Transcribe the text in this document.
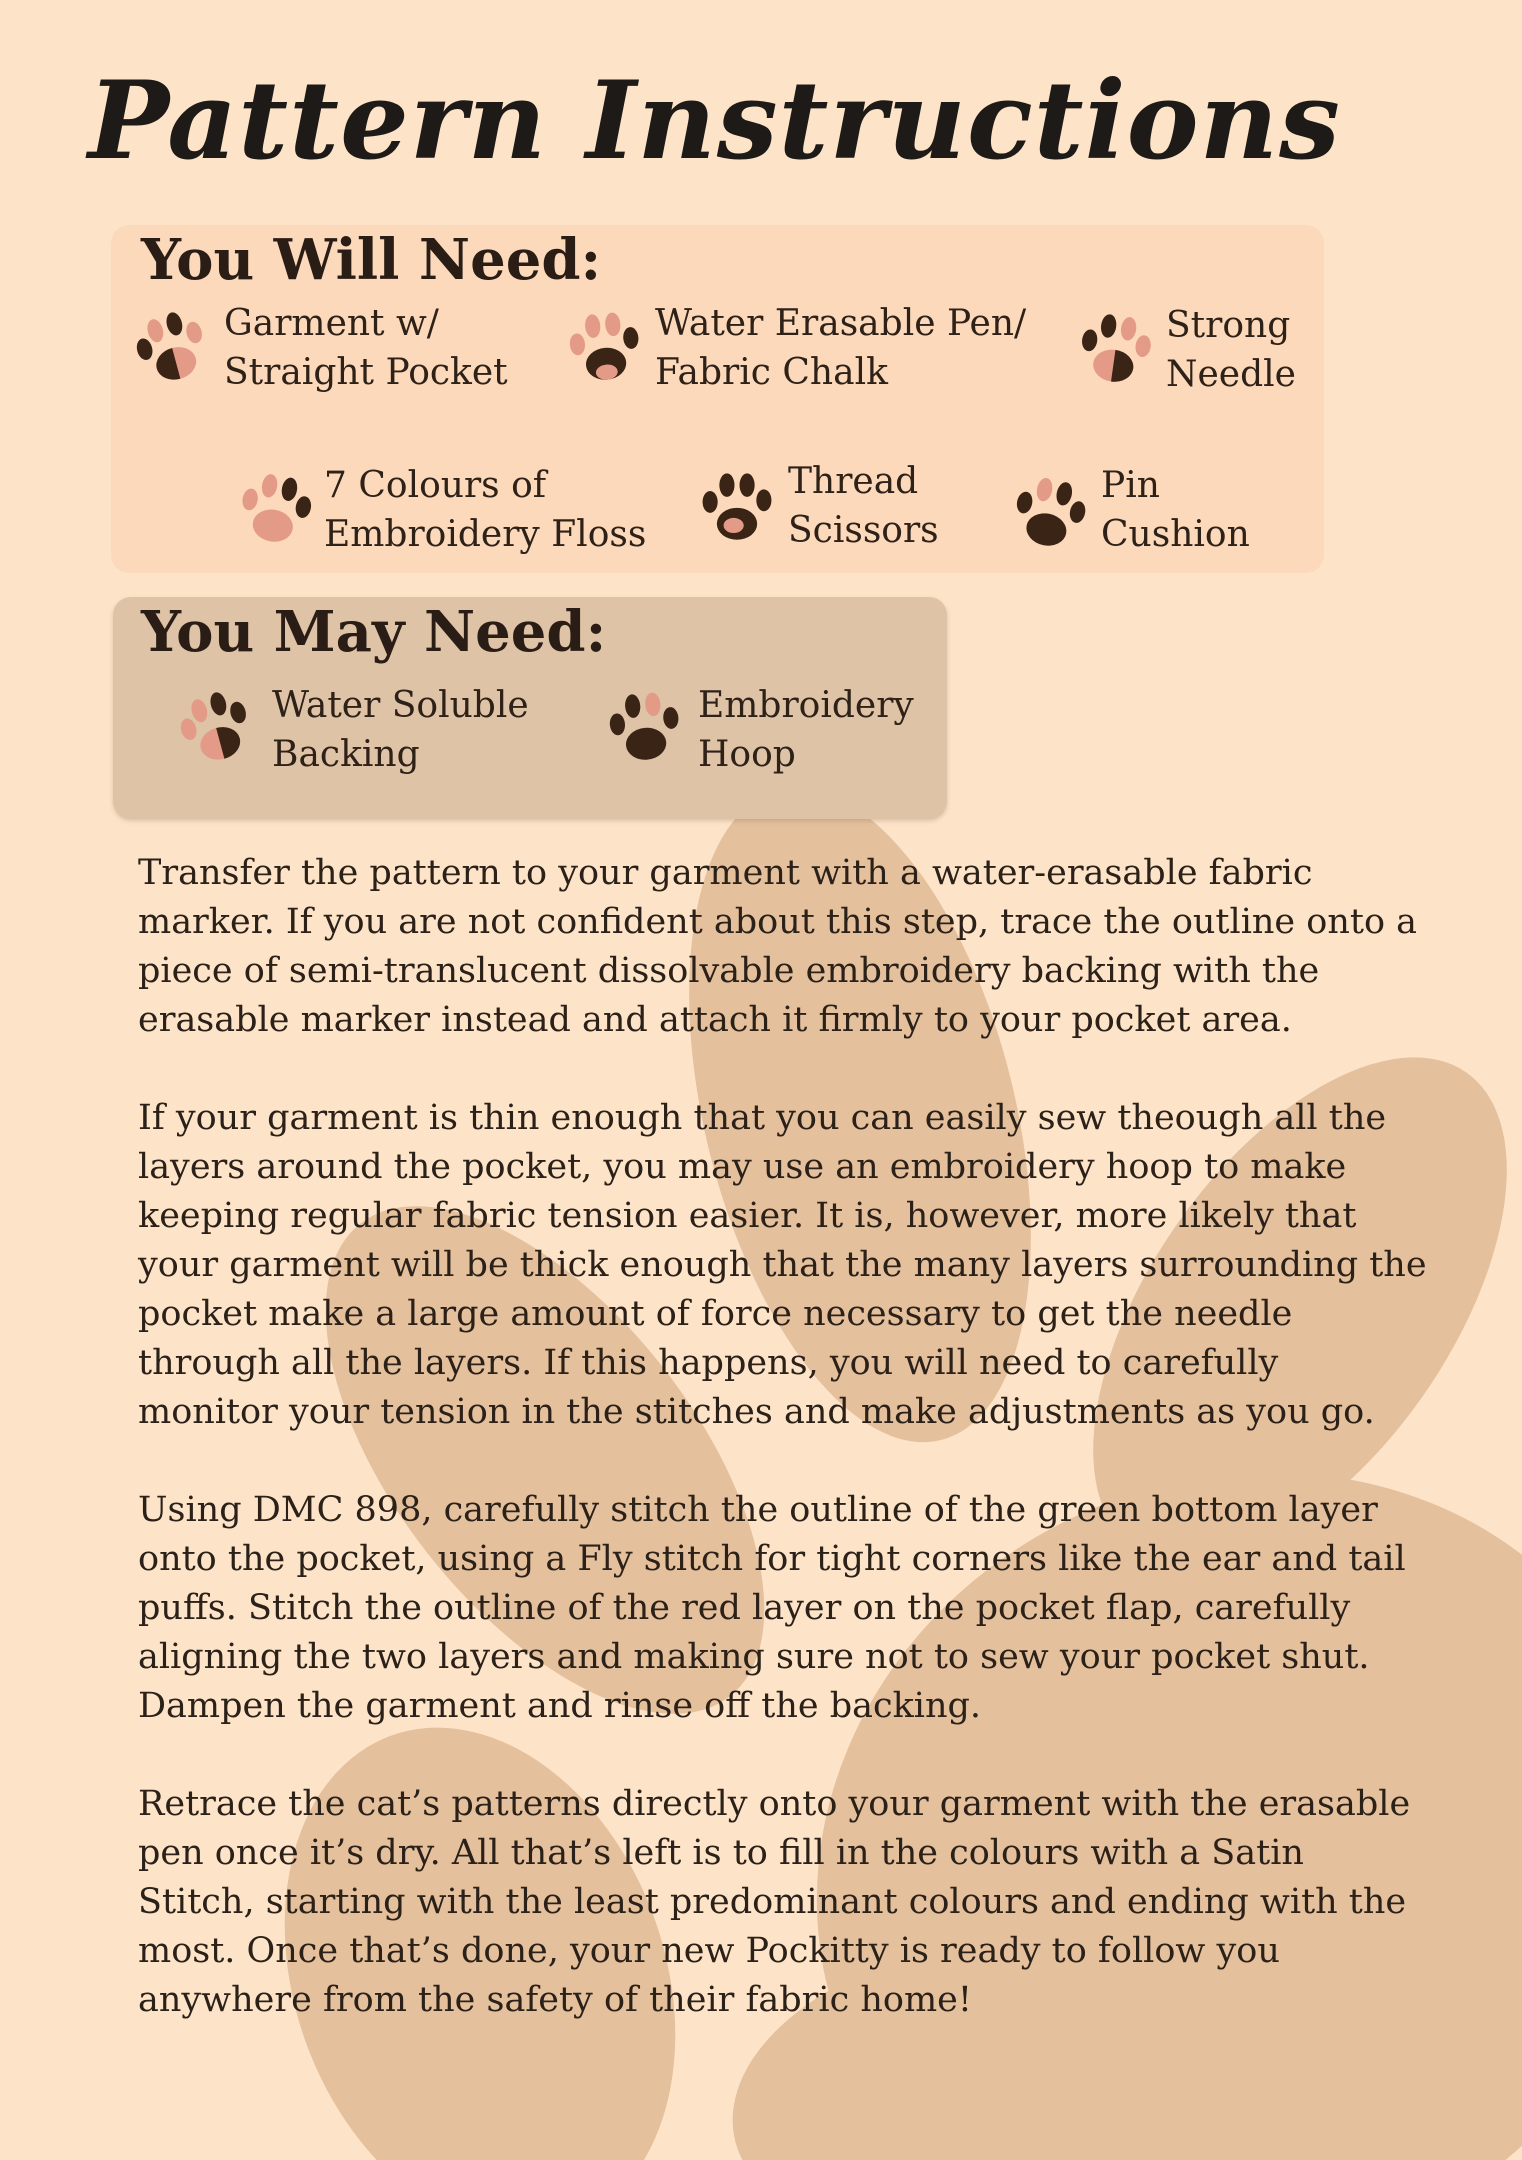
Pattern Instructions
You Will Need:
Garment w/
Straight Pocket
Water Erasable Pen/
Fabric Chalk
Strong
Needle
7 Colours of
Embroidery Floss
Thread
Scissors
Pin
Cushion
You May Need:
Water Soluble
Backing
Embroidery
Hoop

Transfer the pattern to your garment with a water-erasable fabric marker. If you are not confident about this step, trace the outline onto a piece of semi-translucent dissolvable embroidery backing with the erasable marker instead and attach it firmly to your pocket area.

If your garment is thin enough that you can easily sew theough all the layers around the pocket, you may use an embroidery hoop to make keeping regular fabric tension easier. It is, however, more likely that your garment will be thick enough that the many layers surrounding the pocket make a large amount of force necessary to get the needle through all the layers. If this happens, you will need to carefully monitor your tension in the stitches and make adjustments as you go.

Using DMC 898, carefully stitch the outline of the green bottom layer onto the pocket, using a Fly stitch for tight corners like the ear and tail puffs. Stitch the outline of the red layer on the pocket flap, carefully aligning the two layers and making sure not to sew your pocket shut. Dampen the garment and rinse off the backing.

Retrace the cat’s patterns directly onto your garment with the erasable pen once it’s dry. All that’s left is to fill in the colours with a Satin Stitch, starting with the least predominant colours and ending with the most. Once that’s done, your new Pockitty is ready to follow you anywhere from the safety of their fabric home!
